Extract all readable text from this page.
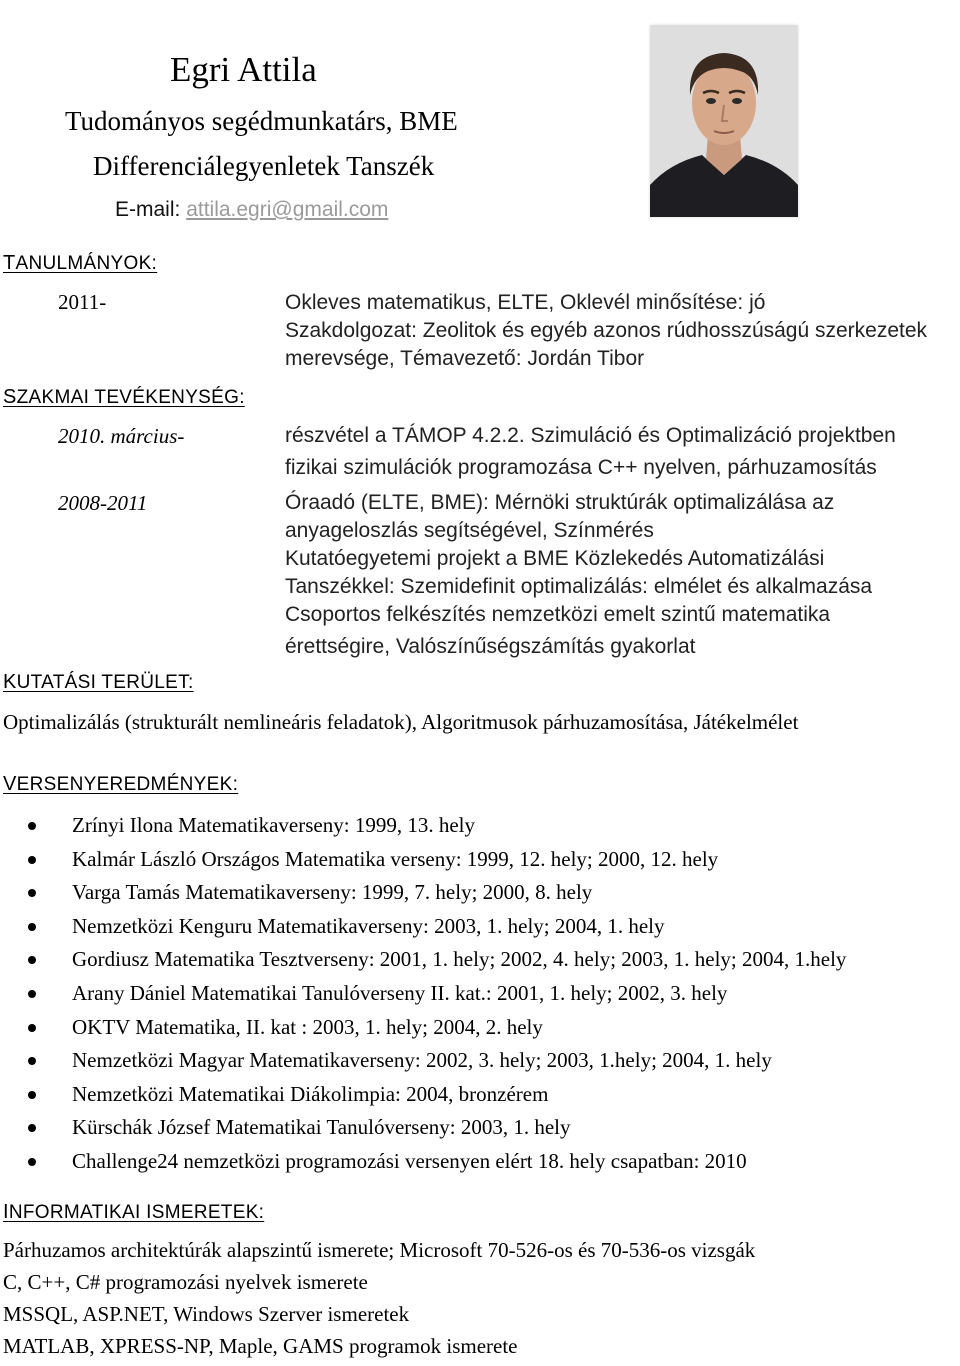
Egri Attila
Tudományos segédmunkatárs, BME
Differenciálegyenletek Tanszék
E-mail: attila.egri@gmail.com
TANULMÁNYOK:
2011-	Okleves matematikus, ELTE, Oklevél minősítése: jó
Szakdolgozat: Zeolitok és egyéb azonos rúdhosszúságú szerkezetek
merevsége, Témavezető: Jordán Tibor
SZAKMAI TEVÉKENYSÉG:
2010. március-	részvétel a TÁMOP 4.2.2. Szimuláció és Optimalizáció projektben
fizikai szimulációk programozása C++ nyelven, párhuzamosítás
2008-2011	Óraadó (ELTE, BME): Mérnöki struktúrák optimalizálása az
anyageloszlás segítségével, Színmérés
Kutatóegyetemi projekt a BME Közlekedés Automatizálási
Tanszékkel: Szemidefinit optimalizálás: elmélet és alkalmazása
Csoportos felkészítés nemzetközi emelt szintű matematika
érettségire, Valószínűségszámítás gyakorlat
KUTATÁSI TERÜLET:
Optimalizálás (strukturált nemlineáris feladatok), Algoritmusok párhuzamosítása, Játékelmélet
VERSENYEREDMÉNYEK:
Zrínyi Ilona Matematikaverseny: 1999, 13. hely
Kalmár László Országos Matematika verseny: 1999, 12. hely; 2000, 12. hely
Varga Tamás Matematikaverseny: 1999, 7. hely; 2000, 8. hely
Nemzetközi Kenguru Matematikaverseny: 2003, 1. hely; 2004, 1. hely
Gordiusz Matematika Tesztverseny: 2001, 1. hely; 2002, 4. hely; 2003, 1. hely; 2004, 1.hely
Arany Dániel Matematikai Tanulóverseny II. kat.: 2001, 1. hely; 2002, 3. hely
OKTV Matematika, II. kat : 2003, 1. hely; 2004, 2. hely
Nemzetközi Magyar Matematikaverseny: 2002, 3. hely; 2003, 1.hely; 2004, 1. hely
Nemzetközi Matematikai Diákolimpia: 2004, bronzérem
Kürschák József Matematikai Tanulóverseny: 2003, 1. hely
Challenge24 nemzetközi programozási versenyen elért 18. hely csapatban: 2010
INFORMATIKAI ISMERETEK:
Párhuzamos architektúrák alapszintű ismerete; Microsoft 70-526-os és 70-536-os vizsgák
C, C++, C# programozási nyelvek ismerete
MSSQL, ASP.NET, Windows Szerver ismeretek
MATLAB, XPRESS-NP, Maple, GAMS programok ismerete
